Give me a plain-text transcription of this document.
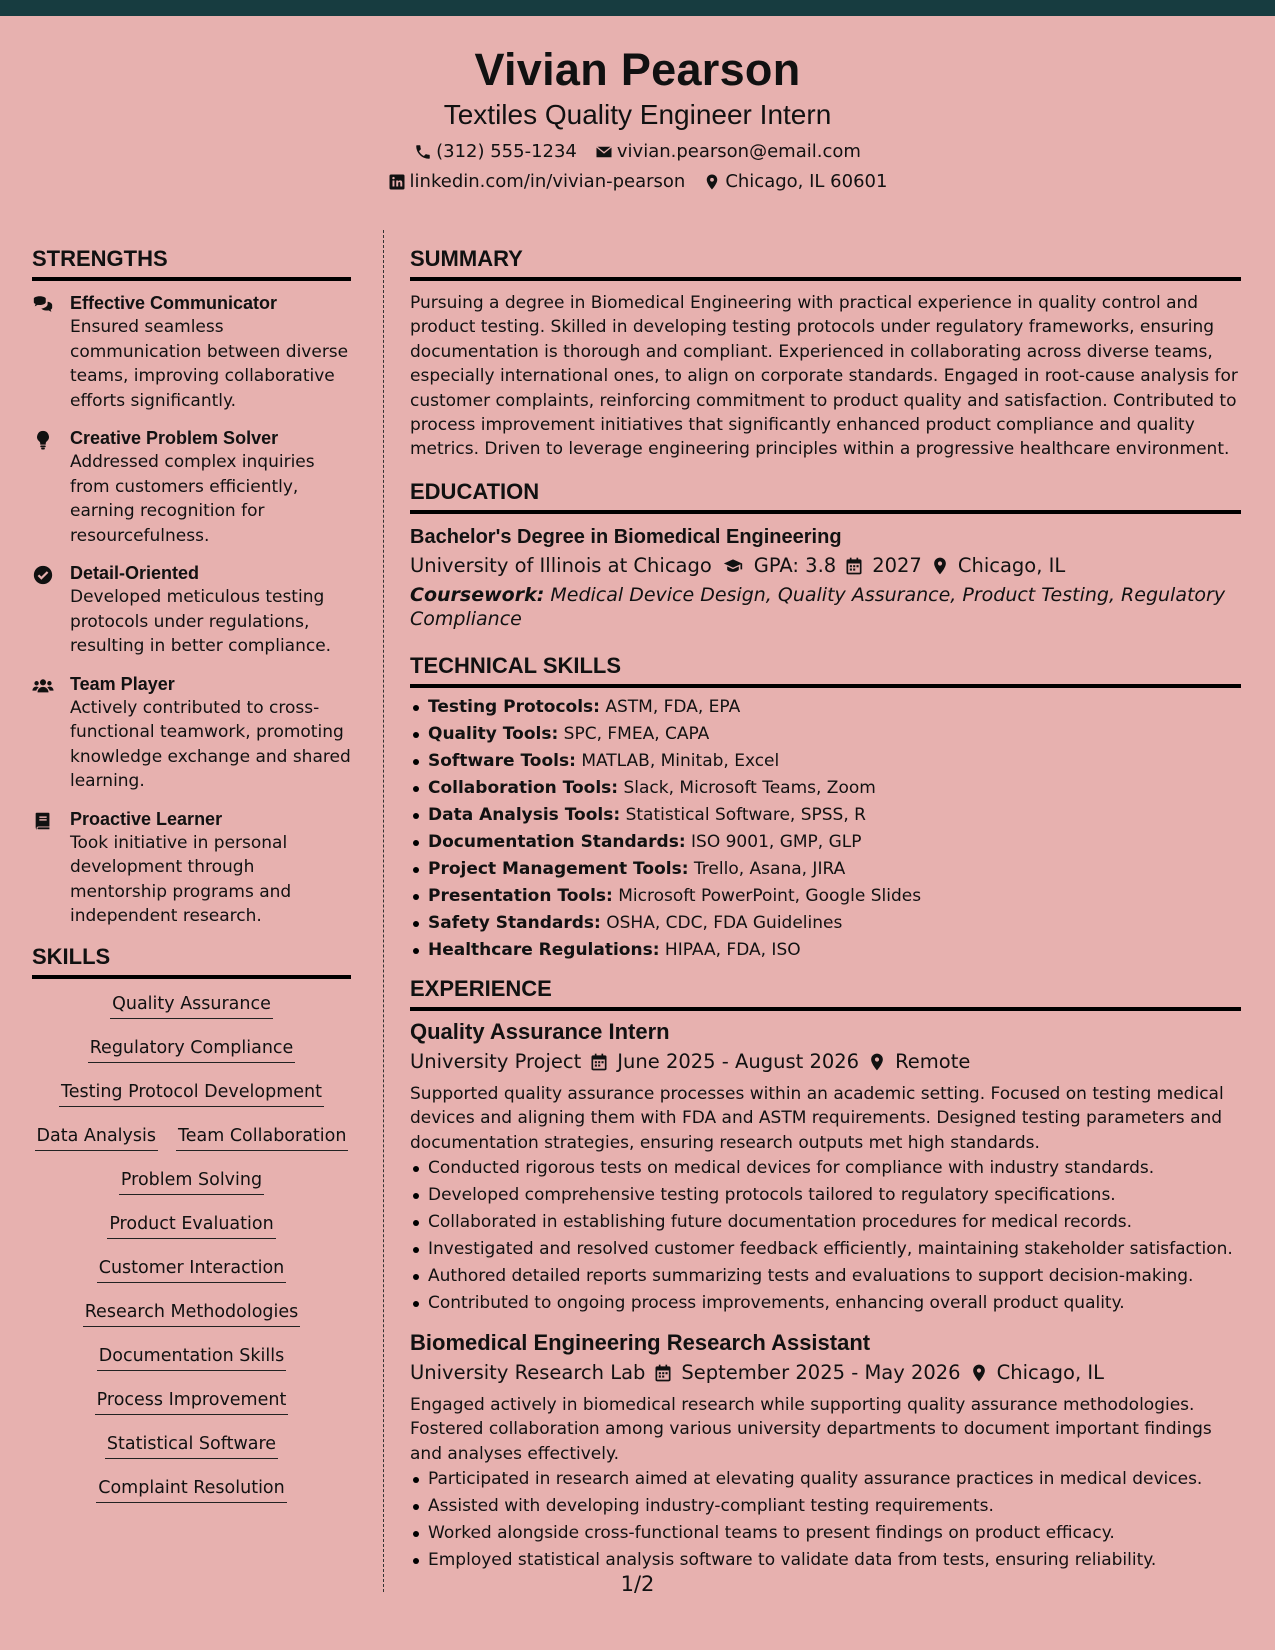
Vivian Pearson
Textiles Quality Engineer Intern
(312) 555-1234 vivian.pearson@email.com
linkedin.com/in/vivian-pearson Chicago, IL 60601
STRENGTHS
Effective Communicator
Ensured seamless communication between diverse teams, improving collaborative efforts significantly.
Creative Problem Solver
Addressed complex inquiries from customers efficiently, earning recognition for resourcefulness.
Detail-Oriented
Developed meticulous testing protocols under regulations, resulting in better compliance.
Team Player
Actively contributed to cross-functional teamwork, promoting knowledge exchange and shared learning.
Proactive Learner
Took initiative in personal development through mentorship programs and independent research.
SKILLS
Quality Assurance
Regulatory Compliance
Testing Protocol Development
Data Analysis Team Collaboration
Problem Solving
Product Evaluation
Customer Interaction
Research Methodologies
Documentation Skills
Process Improvement
Statistical Software
Complaint Resolution
SUMMARY
Pursuing a degree in Biomedical Engineering with practical experience in quality control and product testing. Skilled in developing testing protocols under regulatory frameworks, ensuring documentation is thorough and compliant. Experienced in collaborating across diverse teams, especially international ones, to align on corporate standards. Engaged in root-cause analysis for customer complaints, reinforcing commitment to product quality and satisfaction. Contributed to process improvement initiatives that significantly enhanced product compliance and quality metrics. Driven to leverage engineering principles within a progressive healthcare environment.
EDUCATION
Bachelor's Degree in Biomedical Engineering
University of Illinois at Chicago GPA: 3.8 2027 Chicago, IL
Coursework: Medical Device Design, Quality Assurance, Product Testing, Regulatory Compliance
TECHNICAL SKILLS
Testing Protocols: ASTM, FDA, EPA
Quality Tools: SPC, FMEA, CAPA
Software Tools: MATLAB, Minitab, Excel
Collaboration Tools: Slack, Microsoft Teams, Zoom
Data Analysis Tools: Statistical Software, SPSS, R
Documentation Standards: ISO 9001, GMP, GLP
Project Management Tools: Trello, Asana, JIRA
Presentation Tools: Microsoft PowerPoint, Google Slides
Safety Standards: OSHA, CDC, FDA Guidelines
Healthcare Regulations: HIPAA, FDA, ISO
EXPERIENCE
Quality Assurance Intern
University Project June 2025 - August 2026 Remote
Supported quality assurance processes within an academic setting. Focused on testing medical devices and aligning them with FDA and ASTM requirements. Designed testing parameters and documentation strategies, ensuring research outputs met high standards.
Conducted rigorous tests on medical devices for compliance with industry standards.
Developed comprehensive testing protocols tailored to regulatory specifications.
Collaborated in establishing future documentation procedures for medical records.
Investigated and resolved customer feedback efficiently, maintaining stakeholder satisfaction.
Authored detailed reports summarizing tests and evaluations to support decision-making.
Contributed to ongoing process improvements, enhancing overall product quality.
Biomedical Engineering Research Assistant
University Research Lab September 2025 - May 2026 Chicago, IL
Engaged actively in biomedical research while supporting quality assurance methodologies. Fostered collaboration among various university departments to document important findings and analyses effectively.
Participated in research aimed at elevating quality assurance practices in medical devices.
Assisted with developing industry-compliant testing requirements.
Worked alongside cross-functional teams to present findings on product efficacy.
Employed statistical analysis software to validate data from tests, ensuring reliability.
1/2
